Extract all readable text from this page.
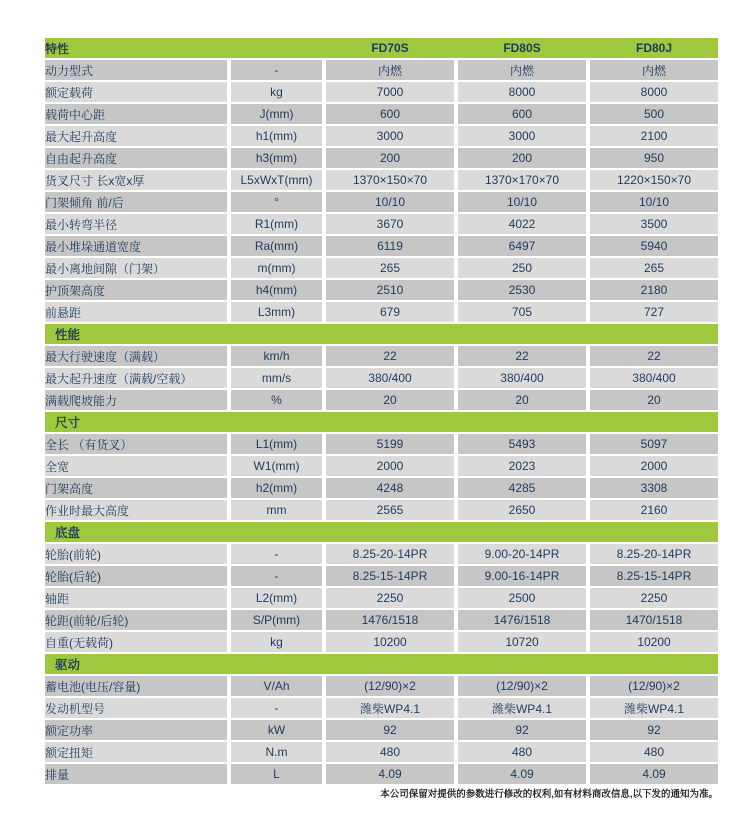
特性		FD70S	FD80S	FD80J
动力型式	-	内燃	内燃	内燃
额定载荷	kg	7000	8000	8000
载荷中心距	J(mm)	600	600	500
最大起升高度	h1(mm)	3000	3000	2100
自由起升高度	h3(mm)	200	200	950
货叉尺寸 长x宽x厚	L5xWxT(mm)	1370×150×70	1370×170×70	1220×150×70
门架倾角 前/后	°	10/10	10/10	10/10
最小转弯半径	R1(mm)	3670	4022	3500
最小堆垛通道宽度	Ra(mm)	6119	6497	5940
最小离地间隙（门架）	m(mm)	265	250	265
护顶架高度	h4(mm)	2510	2530	2180
前悬距	L3mm)	679	705	727
性能				
最大行驶速度（满载）	km/h	22	22	22
最大起升速度（满载/空载）	mm/s	380/400	380/400	380/400
满载爬坡能力	%	20	20	20
尺寸				
全长 （有货叉）	L1(mm)	5199	5493	5097
全宽	W1(mm)	2000	2023	2000
门架高度	h2(mm)	4248	4285	3308
作业时最大高度	mm	2565	2650	2160
底盘				
轮胎(前轮)	-	8.25-20-14PR	9.00-20-14PR	8.25-20-14PR
轮胎(后轮)	-	8.25-15-14PR	9.00-16-14PR	8.25-15-14PR
轴距	L2(mm)	2250	2500	2250
轮距(前轮/后轮)	S/P(mm)	1476/1518	1476/1518	1470/1518
自重(无载荷)	kg	10200	10720	10200
驱动				
蓄电池(电压/容量)	V/Ah	(12/90)×2	(12/90)×2	(12/90)×2
发动机型号	-	潍柴WP4.1	潍柴WP4.1	潍柴WP4.1
额定功率	kW	92	92	92
额定扭矩	N.m	480	480	480
排量	L	4.09	4.09	4.09
本公司保留对提供的参数进行修改的权利,如有材料商改信息,以下发的通知为准。
